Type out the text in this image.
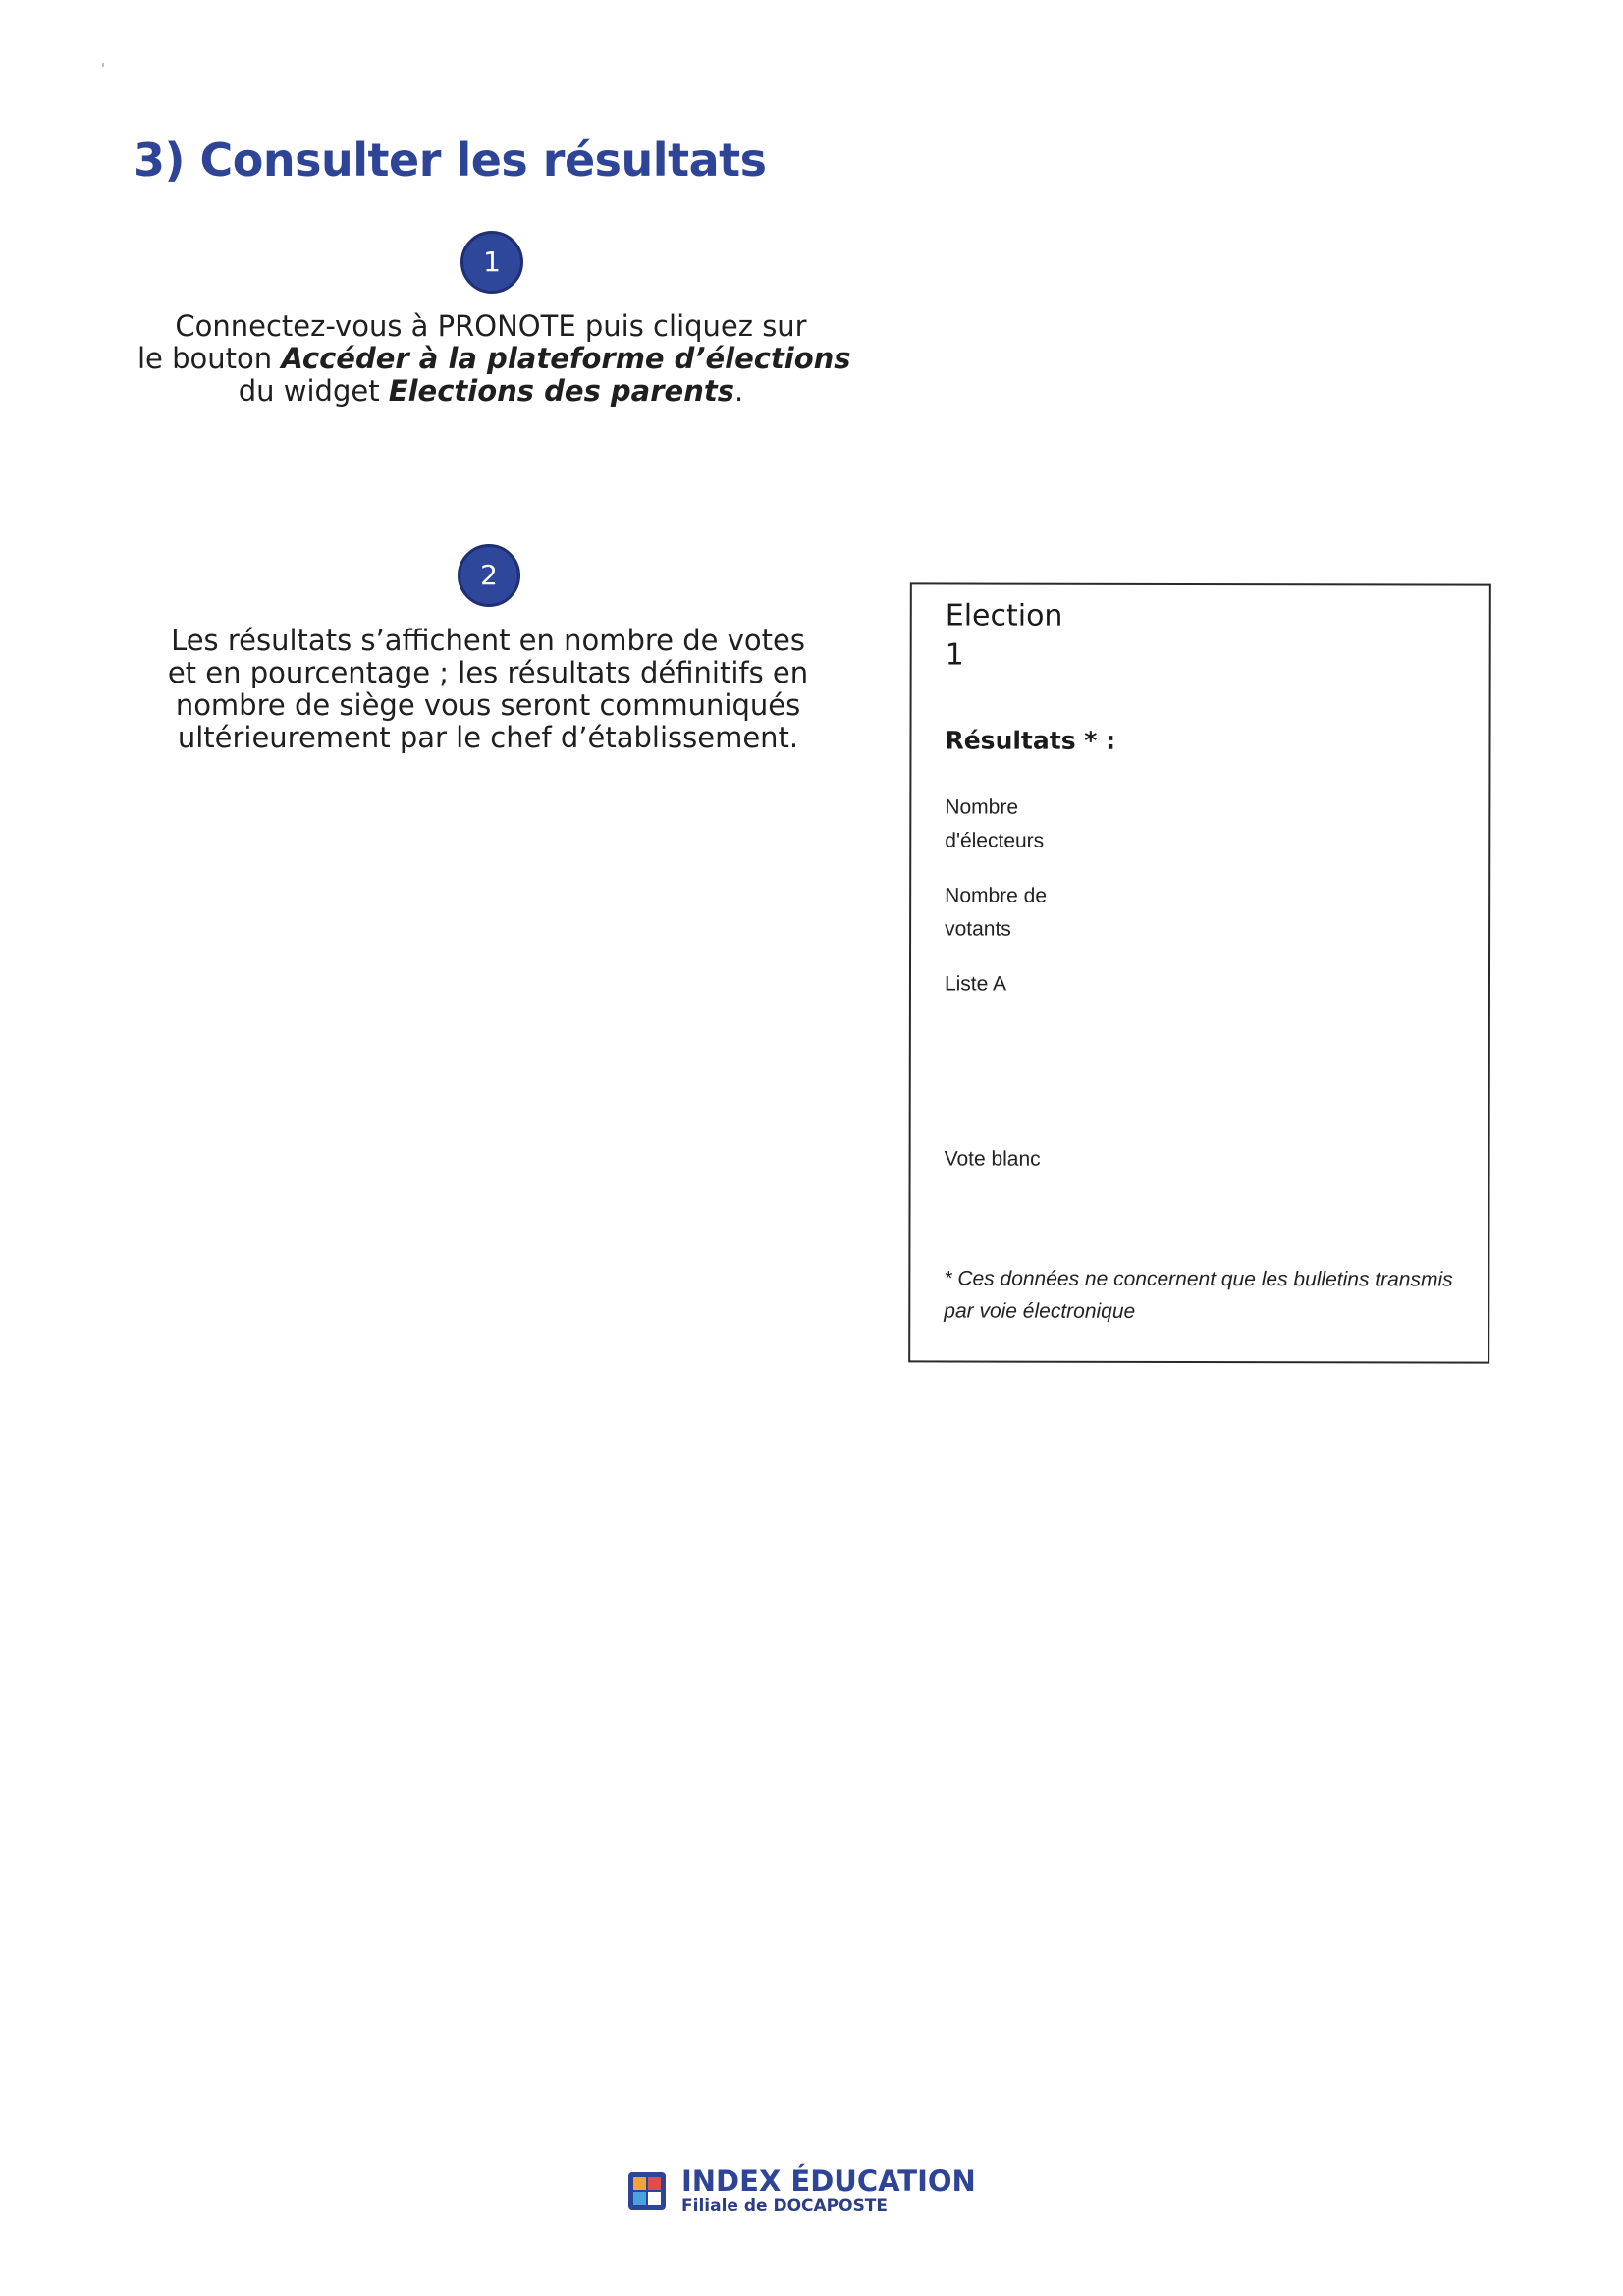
3) Consulter les résultats
1

Connectez-vous à PRONOTE puis cliquez sur
le bouton Accéder à la plateforme d’élections
du widget Elections des parents.

2

Les résultats s’affichent en nombre de votes
et en pourcentage ; les résultats définitifs en
nombre de siège vous seront communiqués
ultérieurement par le chef d’établissement.

Election
1
Résultats * :
Nombre d'électeurs
Nombre de votants
Liste A
Vote blanc
* Ces données ne concernent que les bulletins transmis par voie électronique
INDEX ÉDUCATION
Filiale de DOCAPOSTE
